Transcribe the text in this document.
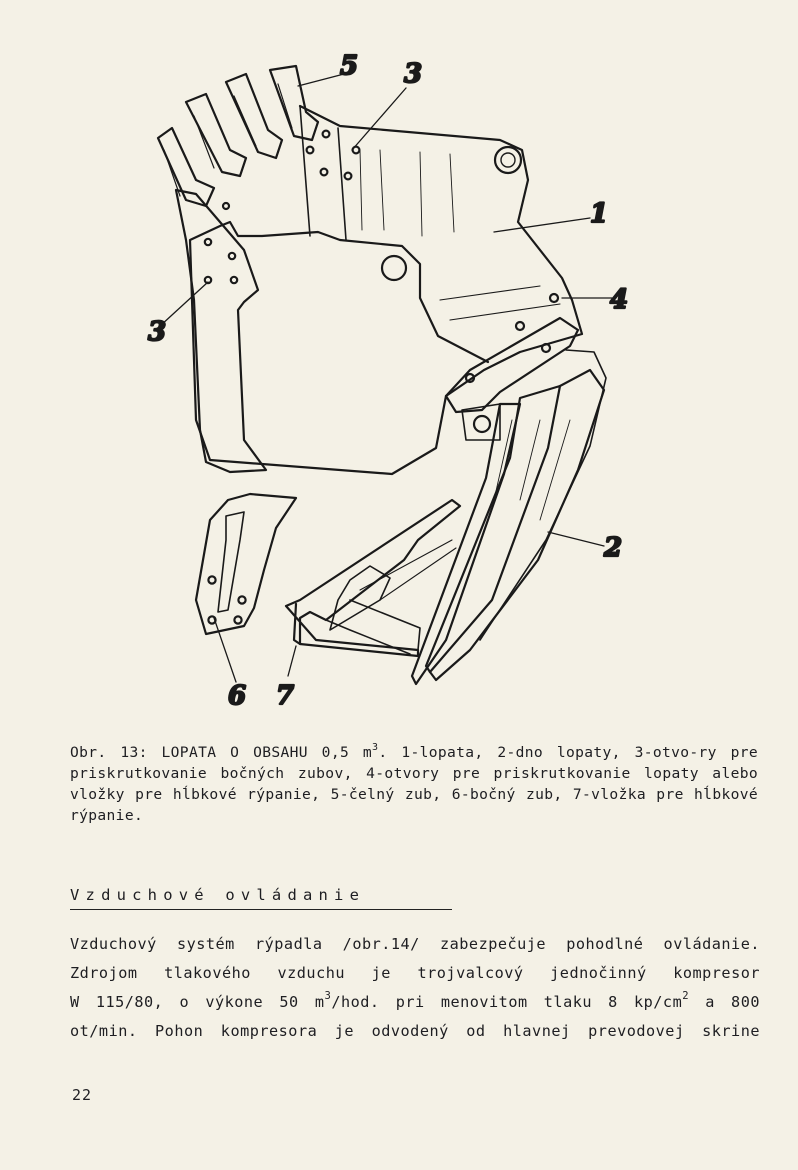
5 3
1
4
3
2
6 7
Obr. 13: LOPATA O OBSAHU 0,5 $m^3$. 1-lopata, 2-dno lopaty, 3-otvo-ry pre priskrutkovanie bočných zubov, 4-otvory pre priskrutkovanie lopaty alebo vložky pre hĺbkové rýpanie, 5-čelný zub, 6-bočný zub, 7-vložka pre hĺbkové rýpanie.
Vzduchové ovládanie
Vzduchový systém rýpadla /obr.14/ zabezpečuje pohodlné ovládanie.
Zdrojom tlakového vzduchu je trojvalcový jednočinný kompresor
W 115/80, o výkone 50 $m^3$/hod. pri menovitom tlaku 8 $kp/cm^2$ a 800
ot/min. Pohon kompresora je odvodený od hlavnej prevodovej skrine
22
